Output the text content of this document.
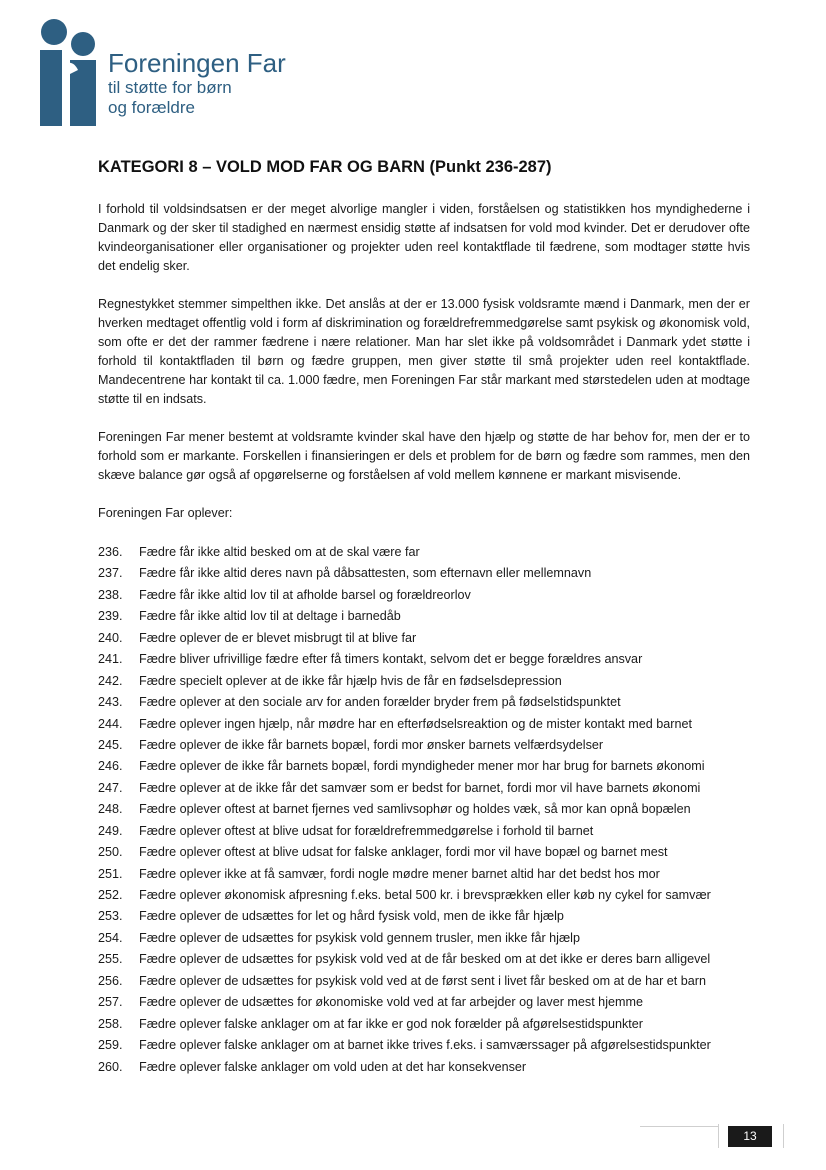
Foreningen Far
til støtte for børn
og forældre
KATEGORI 8 – VOLD MOD FAR OG BARN (Punkt 236-287)

I forhold til voldsindsatsen er der meget alvorlige mangler i viden, forståelsen og statistikken hos myndighederne i Danmark og der sker til stadighed en nærmest ensidig støtte af indsatsen for vold mod kvinder. Det er derudover ofte kvindeorganisationer eller organisationer og projekter uden reel kontaktflade til fædrene, som modtager støtte hvis det endelig sker.

Regnestykket stemmer simpelthen ikke. Det anslås at der er 13.000 fysisk voldsramte mænd i Danmark, men der er hverken medtaget offentlig vold i form af diskrimination og forældrefremmedgørelse samt psykisk og økonomisk vold, som ofte er det der rammer fædrene i nære relationer. Man har slet ikke på voldsområdet i Danmark ydet støtte i forhold til kontaktfladen til børn og fædre gruppen, men giver støtte til små projekter uden reel kontaktflade. Mandecentrene har kontakt til ca. 1.000 fædre, men Foreningen Far står markant med størstedelen uden at modtage støtte til en indsats.

Foreningen Far mener bestemt at voldsramte kvinder skal have den hjælp og støtte de har behov for, men der er to forhold som er markante. Forskellen i finansieringen er dels et problem for de børn og fædre som rammes, men den skæve balance gør også af opgørelserne og forståelsen af vold mellem kønnene er markant misvisende.

Foreningen Far oplever:

236.	Fædre får ikke altid besked om at de skal være far
237.	Fædre får ikke altid deres navn på dåbsattesten, som efternavn eller mellemnavn
238.	Fædre får ikke altid lov til at afholde barsel og forældreorlov
239.	Fædre får ikke altid lov til at deltage i barnedåb
240.	Fædre oplever de er blevet misbrugt til at blive far
241.	Fædre bliver ufrivillige fædre efter få timers kontakt, selvom det er begge forældres ansvar
242.	Fædre specielt oplever at de ikke får hjælp hvis de får en fødselsdepression
243.	Fædre oplever at den sociale arv for anden forælder bryder frem på fødselstidspunktet
244.	Fædre oplever ingen hjælp, når mødre har en efterfødselsreaktion og de mister kontakt med barnet
245.	Fædre oplever de ikke får barnets bopæl, fordi mor ønsker barnets velfærdsydelser
246.	Fædre oplever de ikke får barnets bopæl, fordi myndigheder mener mor har brug for barnets økonomi
247.	Fædre oplever at de ikke får det samvær som er bedst for barnet, fordi mor vil have barnets økonomi
248.	Fædre oplever oftest at barnet fjernes ved samlivsophør og holdes væk, så mor kan opnå bopælen
249.	Fædre oplever oftest at blive udsat for forældrefremmedgørelse i forhold til barnet
250.	Fædre oplever oftest at blive udsat for falske anklager, fordi mor vil have bopæl og barnet mest
251.	Fædre oplever ikke at få samvær, fordi nogle mødre mener barnet altid har det bedst hos mor
252.	Fædre oplever økonomisk afpresning f.eks. betal 500 kr. i brevsprækken eller køb ny cykel for samvær
253.	Fædre oplever de udsættes for let og hård fysisk vold, men de ikke får hjælp
254.	Fædre oplever de udsættes for psykisk vold gennem trusler, men ikke får hjælp
255.	Fædre oplever de udsættes for psykisk vold ved at de får besked om at det ikke er deres barn alligevel
256.	Fædre oplever de udsættes for psykisk vold ved at de først sent i livet får besked om at de har et barn
257.	Fædre oplever de udsættes for økonomiske vold ved at far arbejder og laver mest hjemme
258.	Fædre oplever falske anklager om at far ikke er god nok forælder på afgørelsestidspunkter
259.	Fædre oplever falske anklager om at barnet ikke trives f.eks. i samværssager på afgørelsestidspunkter
260.	Fædre oplever falske anklager om vold uden at det har konsekvenser
13
